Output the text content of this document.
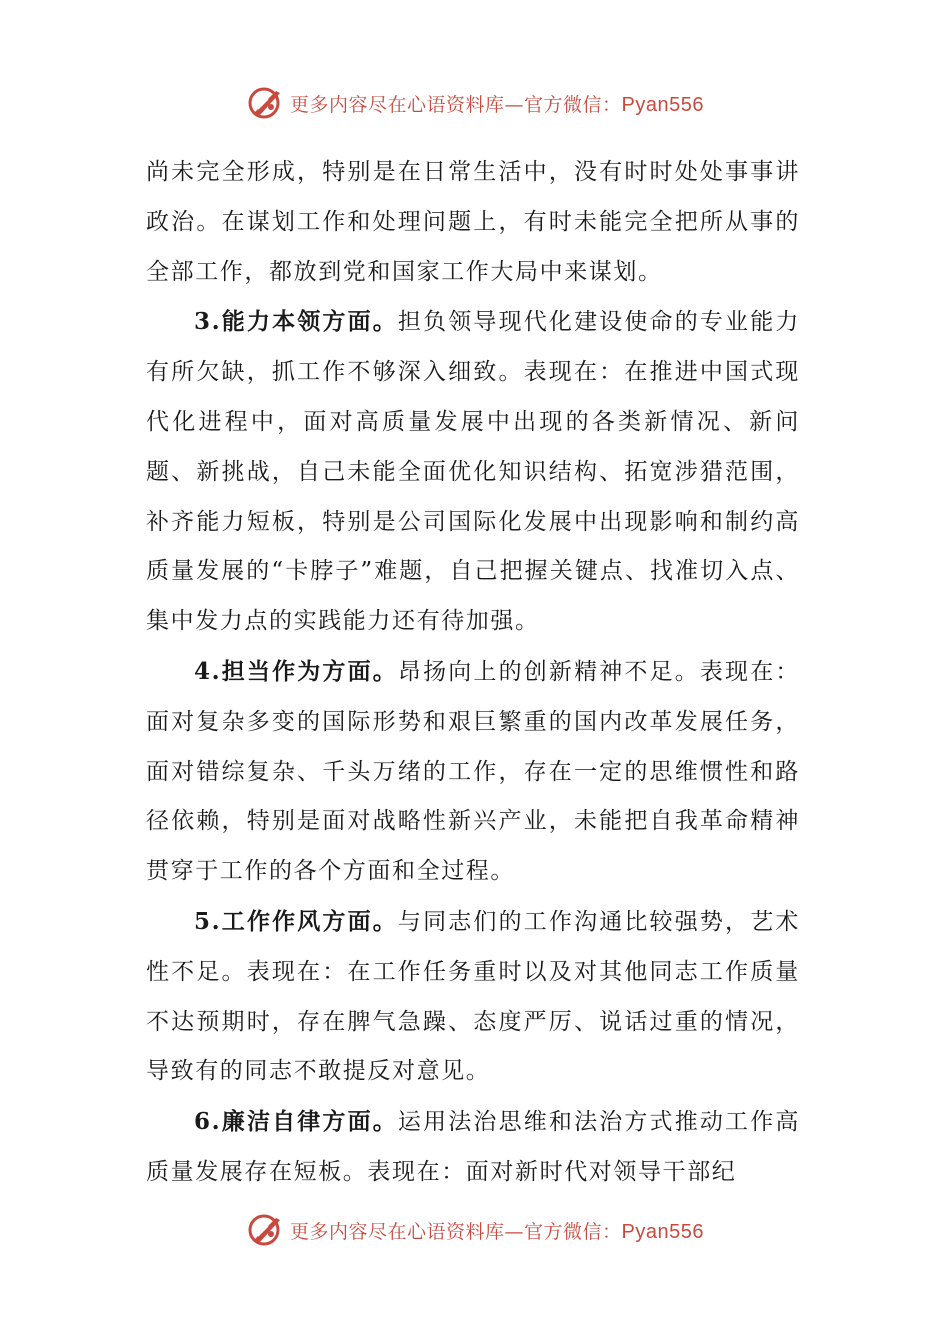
更多内容尽在心语资料库—官方微信：Pyan556

尚未完全形成，特别是在日常生活中，没有时时处处事事讲政治。在谋划工作和处理问题上，有时未能完全把所从事的全部工作，都放到党和国家工作大局中来谋划。

3.能力本领方面。担负领导现代化建设使命的专业能力有所欠缺，抓工作不够深入细致。表现在：在推进中国式现代化进程中，面对高质量发展中出现的各类新情况、新问题、新挑战，自己未能全面优化知识结构、拓宽涉猎范围，补齐能力短板，特别是公司国际化发展中出现影响和制约高质量发展的“卡脖子”难题，自己把握关键点、找准切入点、集中发力点的实践能力还有待加强。

4.担当作为方面。昂扬向上的创新精神不足。表现在：面对复杂多变的国际形势和艰巨繁重的国内改革发展任务，面对错综复杂、千头万绪的工作，存在一定的思维惯性和路径依赖，特别是面对战略性新兴产业，未能把自我革命精神贯穿于工作的各个方面和全过程。

5.工作作风方面。与同志们的工作沟通比较强势，艺术性不足。表现在：在工作任务重时以及对其他同志工作质量不达预期时，存在脾气急躁、态度严厉、说话过重的情况，导致有的同志不敢提反对意见。

6.廉洁自律方面。运用法治思维和法治方式推动工作高质量发展存在短板。表现在：面对新时代对领导干部纪

更多内容尽在心语资料库—官方微信：Pyan556
